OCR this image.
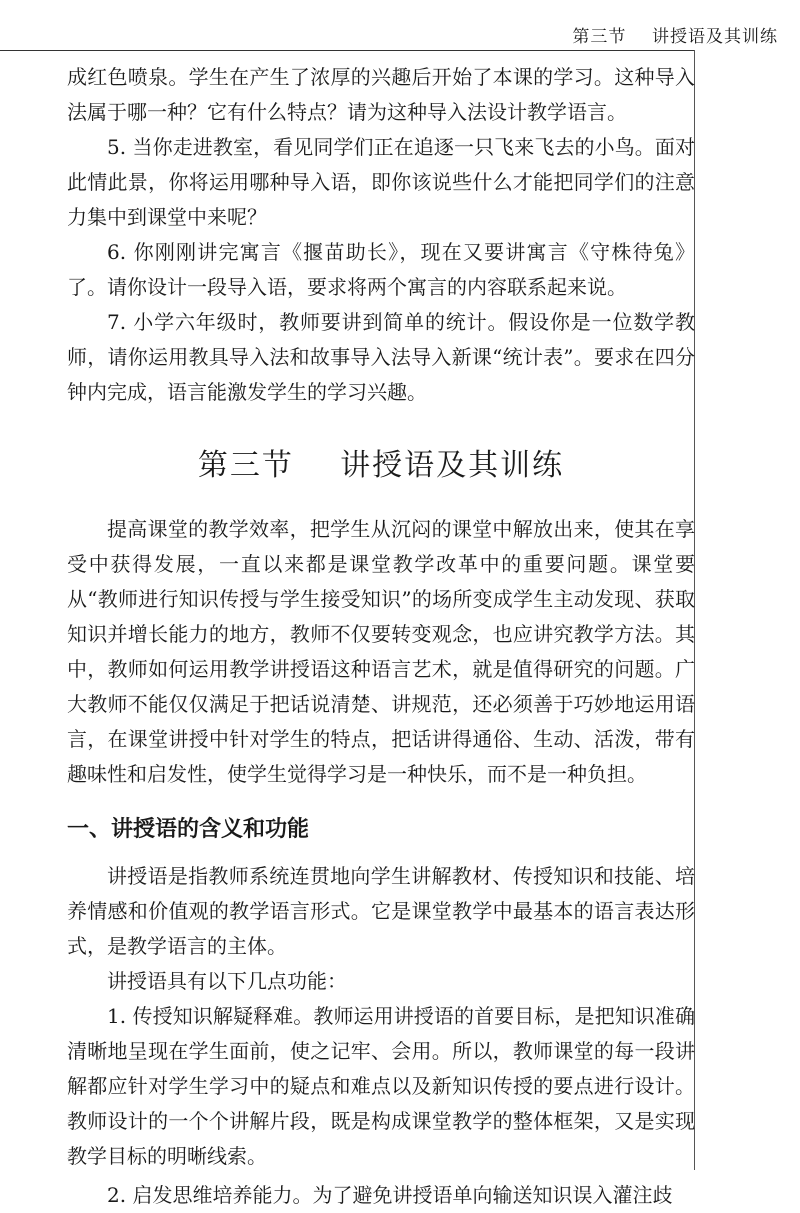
第三节    讲授语及其训练

成红色喷泉。学生在产生了浓厚的兴趣后开始了本课的学习。这种导入法属于哪一种？它有什么特点？请为这种导入法设计教学语言。

5. 当你走进教室，看见同学们正在追逐一只飞来飞去的小鸟。面对此情此景，你将运用哪种导入语，即你该说些什么才能把同学们的注意力集中到课堂中来呢？

6. 你刚刚讲完寓言《揠苗助长》，现在又要讲寓言《守株待兔》了。请你设计一段导入语，要求将两个寓言的内容联系起来说。

7. 小学六年级时，教师要讲到简单的统计。假设你是一位数学教师，请你运用教具导入法和故事导入法导入新课“统计表”。要求在四分钟内完成，语言能激发学生的学习兴趣。

第三节    讲授语及其训练

提高课堂的教学效率，把学生从沉闷的课堂中解放出来，使其在享受中获得发展，一直以来都是课堂教学改革中的重要问题。课堂要从“教师进行知识传授与学生接受知识”的场所变成学生主动发现、获取知识并增长能力的地方，教师不仅要转变观念，也应讲究教学方法。其中，教师如何运用教学讲授语这种语言艺术，就是值得研究的问题。广大教师不能仅仅满足于把话说清楚、讲规范，还必须善于巧妙地运用语言，在课堂讲授中针对学生的特点，把话讲得通俗、生动、活泼，带有趣味性和启发性，使学生觉得学习是一种快乐，而不是一种负担。

一、讲授语的含义和功能

讲授语是指教师系统连贯地向学生讲解教材、传授知识和技能、培养情感和价值观的教学语言形式。它是课堂教学中最基本的语言表达形式，是教学语言的主体。

讲授语具有以下几点功能：

1. 传授知识解疑释难。教师运用讲授语的首要目标，是把知识准确清晰地呈现在学生面前，使之记牢、会用。所以，教师课堂的每一段讲解都应针对学生学习中的疑点和难点以及新知识传授的要点进行设计。教师设计的一个个讲解片段，既是构成课堂教学的整体框架，又是实现教学目标的明晰线索。

2. 启发思维培养能力。为了避免讲授语单向输送知识误入灌注歧
